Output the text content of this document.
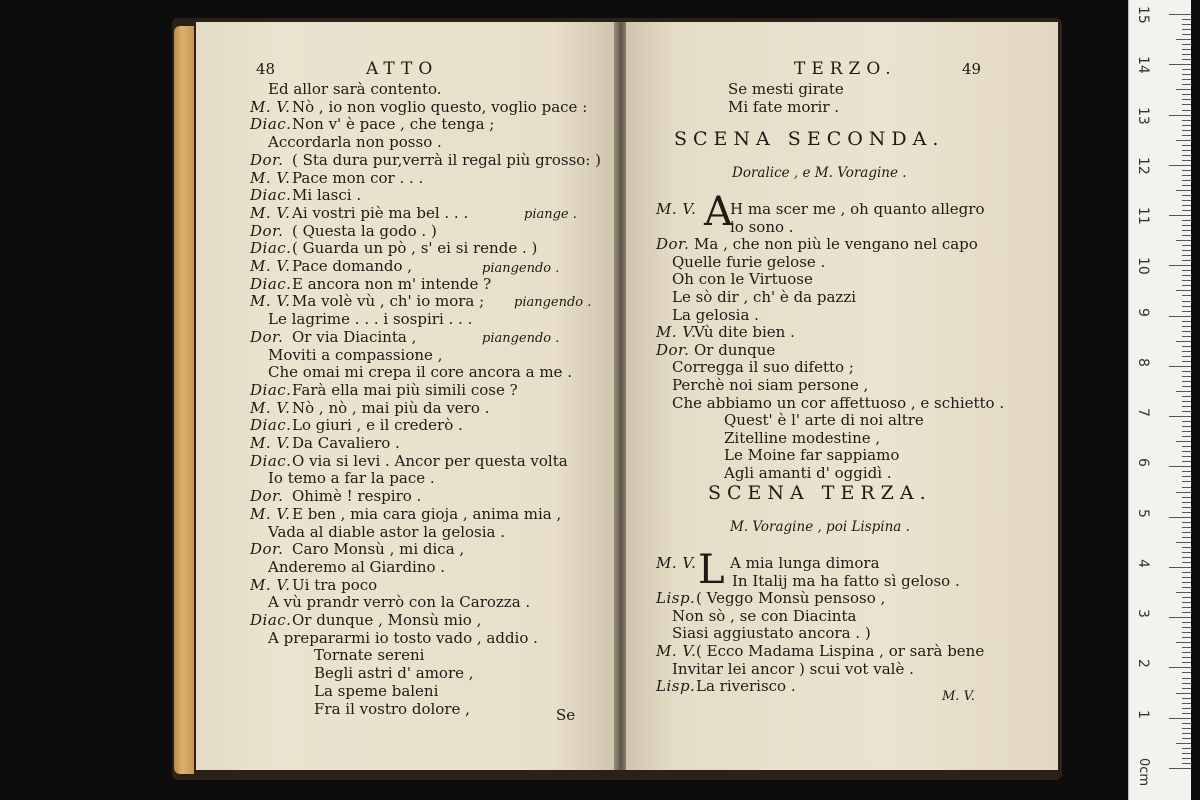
48	ATTO
Ed allor sarà contento.
M. V. Nò , io non voglio questo, voglio pace :
Diac. Non v' è pace , che tenga ;
Accordarla non posso .
Dor. ( Sta dura pur,verrà il regal più grosso: )
M. V. Pace mon cor . . .
Diac. Mi lasci .
M. V. Ai vostri piè ma bel . . .
Dor. ( Questa la godo . )
Diac. ( Guarda un pò , s' ei si rende . )
M. V. Pace domando ,
Diac. E ancora non m' intende ?
M. V. Ma volè vù , ch' io mora ;
Le lagrime . . . i sospiri . . .
Dor. Or via Diacinta ,
Moviti a compassione ,
Che omai mi crepa il core ancora a me .
Diac. Farà ella mai più simili cose ?
M. V. Nò , nò , mai più da vero .
Diac. Lo giuri , e il crederò .
M. V. Da Cavaliero .
Diac. O via si levi . Ancor per questa volta
Io temo a far la pace .
Dor. Ohimè ! respiro .
M. V. E ben , mia cara gioja , anima mia ,
Vada al diable astor la gelosia .
Dor. Caro Monsù , mi dica ,
Anderemo al Giardino .
M. V. Ui tra poco
A vù prandr verrò con la Carozza .
Diac. Or dunque , Monsù mio ,
A prepararmi io tosto vado , addio .
Tornate sereni
Begli astri d' amore ,
La speme baleni
Fra il vostro dolore ,
piange .
piangendo .
piangendo .
piangendo .
Se
TERZO.	49
Se mesti girate
Mi fate morir .
SCENA SECONDA.
Doralice , e M. Voragine .
A
M. V. H ma scer me , oh quanto allegro
io sono .
Dor. Ma , che non più le vengano nel capo
Quelle furie gelose .
Oh con le Virtuose
Le sò dir , ch' è da pazzi
La gelosia .
M. V.
Vù dite bien .
Dor. Or dunque
Corregga il suo difetto ;
Perchè noi siam persone ,
Che abbiamo un cor affettuoso , e schietto .
Quest' è l' arte di noi altre
Zitelline modestine ,
Le Moine far sappiamo
Agli amanti d' oggidì .
SCENA TERZA.
M. Voragine , poi Lispina .
L
M. V. A mia lunga dimora
In Italij ma ha fatto sì geloso .
Lisp. ( Veggo Monsù pensoso ,
Non sò , se con Diacinta
Siasi aggiustato ancora . )
M. V. ( Ecco Madama Lispina , or sarà bene
Invitar lei ancor ) scui vot valè .
Lisp. La riverisco .
M. V.
15
14
13
12
11
10
9
8
7
6
5
4
3
2
1
0cm
